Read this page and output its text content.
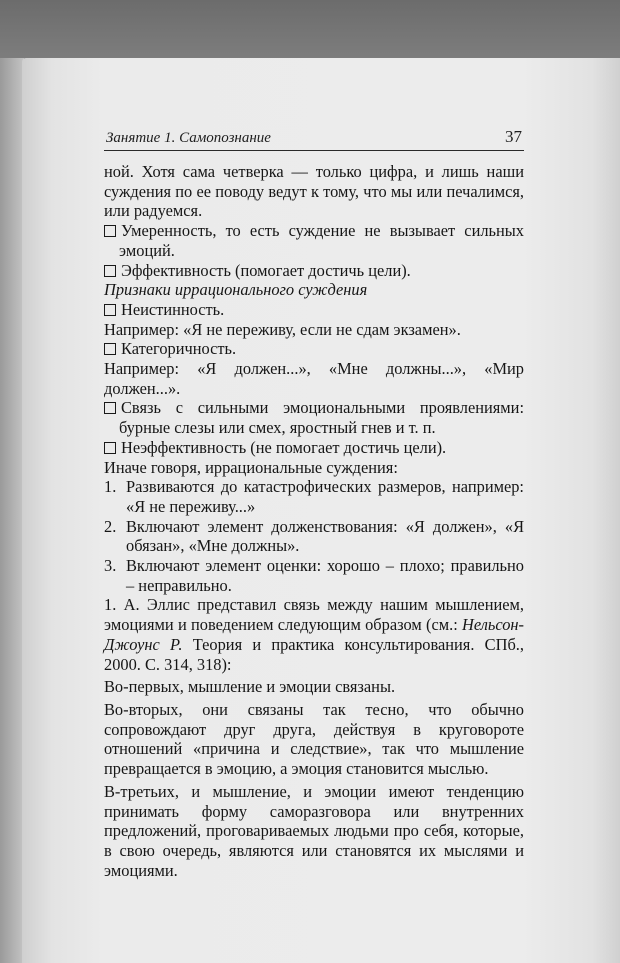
Занятие 1. Самопознание	37

ной. Хотя сама четверка — только цифра, и лишь наши суждения по ее поводу ведут к тому, что мы или печалимся, или радуемся.

Умеренность, то есть суждение не вызывает сильных эмоций.

Эффективность (помогает достичь цели).

Признаки иррационального суждения

Неистинность.

Например: «Я не переживу, если не сдам экзамен».

Категоричность.

Например: «Я должен...», «Мне должны...», «Мир должен...».

Связь с сильными эмоциональными проявлениями: бурные слезы или смех, яростный гнев и т. п.

Неэффективность (не помогает достичь цели).

Иначе говоря, иррациональные суждения:

1. Развиваются до катастрофических размеров, например: «Я не переживу...»
2. Включают элемент долженствования: «Я должен», «Я обязан», «Мне должны».
3. Включают элемент оценки: хорошо – плохо; правильно – неправильно.

1. А. Эллис представил связь между нашим мышлением, эмоциями и поведением следующим образом (см.: Нельсон-Джоунс Р. Теория и практика консультирования. СПб., 2000. С. 314, 318):

Во-первых, мышление и эмоции связаны.

Во-вторых, они связаны так тесно, что обычно сопровождают друг друга, действуя в круговороте отношений «причина и следствие», так что мышление превращается в эмоцию, а эмоция становится мыслью.

В-третьих, и мышление, и эмоции имеют тенденцию принимать форму саморазговора или внутренних предложений, проговариваемых людьми про себя, которые, в свою очередь, являются или становятся их мыслями и эмоциями.
